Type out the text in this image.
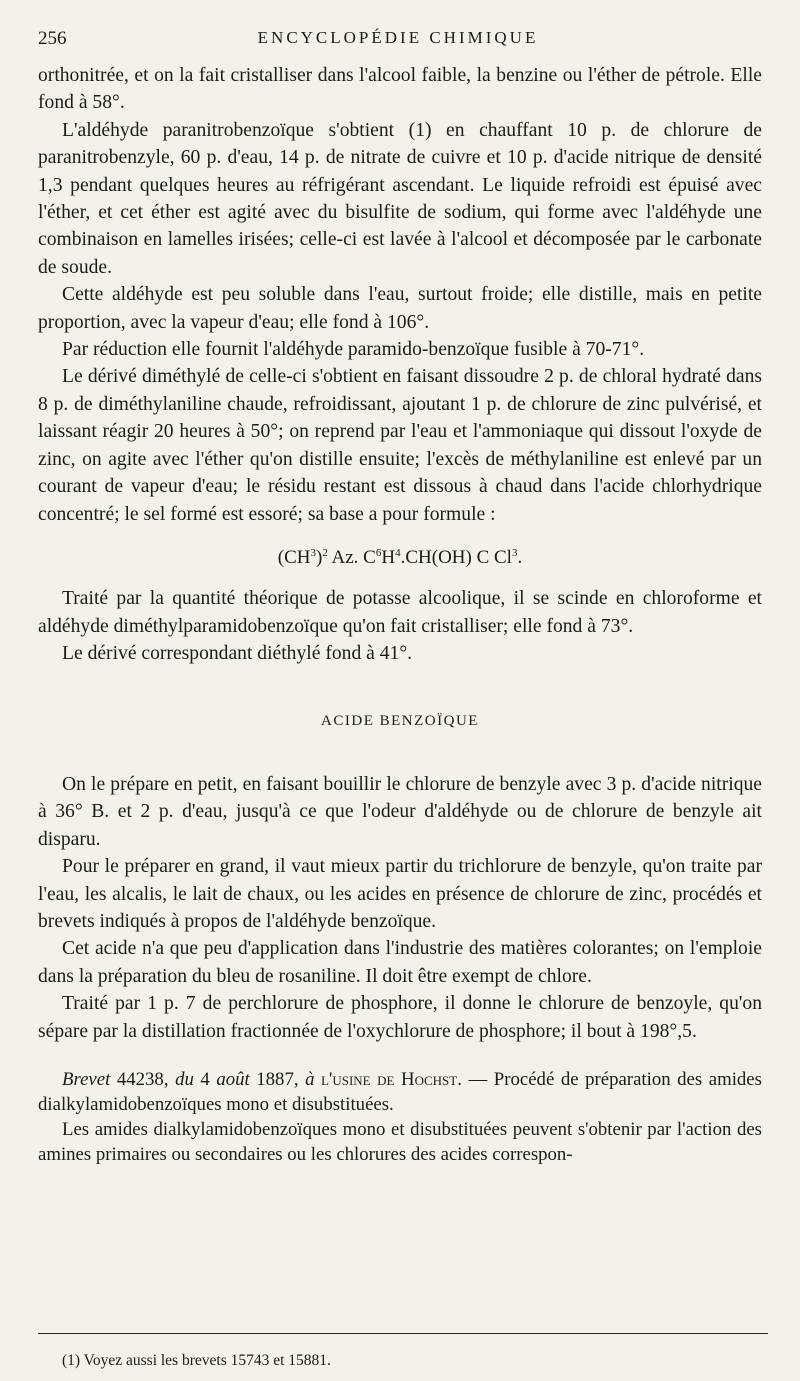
256	ENCYCLOPÉDIE CHIMIQUE

orthonitrée, et on la fait cristalliser dans l'alcool faible, la benzine ou l'éther de pétrole. Elle fond à 58°.

L'aldéhyde paranitrobenzoïque s'obtient (1) en chauffant 10 p. de chlorure de paranitrobenzyle, 60 p. d'eau, 14 p. de nitrate de cuivre et 10 p. d'acide nitrique de densité 1,3 pendant quelques heures au réfrigérant ascendant. Le liquide refroidi est épuisé avec l'éther, et cet éther est agité avec du bisulfite de sodium, qui forme avec l'aldéhyde une combinaison en lamelles irisées; celle-ci est lavée à l'alcool et décomposée par le carbonate de soude.

Cette aldéhyde est peu soluble dans l'eau, surtout froide; elle distille, mais en petite proportion, avec la vapeur d'eau; elle fond à 106°.

Par réduction elle fournit l'aldéhyde paramido-benzoïque fusible à 70-71°.

Le dérivé diméthylé de celle-ci s'obtient en faisant dissoudre 2 p. de chloral hydraté dans 8 p. de diméthylaniline chaude, refroidissant, ajoutant 1 p. de chlorure de zinc pulvérisé, et laissant réagir 20 heures à 50°; on reprend par l'eau et l'ammoniaque qui dissout l'oxyde de zinc, on agite avec l'éther qu'on distille ensuite; l'excès de méthylaniline est enlevé par un courant de vapeur d'eau; le résidu restant est dissous à chaud dans l'acide chlorhydrique concentré; le sel formé est essoré; sa base a pour formule :

$(CH^3)^2$ Az. $C^6H^4.CH(OH)$ C Cl$^3$.

Traité par la quantité théorique de potasse alcoolique, il se scinde en chloroforme et aldéhyde diméthylparamidobenzoïque qu'on fait cristalliser; elle fond à 73°.

Le dérivé correspondant diéthylé fond à 41°.

ACIDE BENZOÏQUE

On le prépare en petit, en faisant bouillir le chlorure de benzyle avec 3 p. d'acide nitrique à 36° B. et 2 p. d'eau, jusqu'à ce que l'odeur d'aldéhyde ou de chlorure de benzyle ait disparu.

Pour le préparer en grand, il vaut mieux partir du trichlorure de benzyle, qu'on traite par l'eau, les alcalis, le lait de chaux, ou les acides en présence de chlorure de zinc, procédés et brevets indiqués à propos de l'aldéhyde benzoïque.

Cet acide n'a que peu d'application dans l'industrie des matières colorantes; on l'emploie dans la préparation du bleu de rosaniline. Il doit être exempt de chlore.

Traité par 1 p. 7 de perchlorure de phosphore, il donne le chlorure de benzoyle, qu'on sépare par la distillation fractionnée de l'oxychlorure de phosphore; il bout à 198°,5.

Brevet 44238, du 4 août 1887, à l'usine de Hochst. — Procédé de préparation des amides dialkylamidobenzoïques mono et disubstituées.

Les amides dialkylamidobenzoïques mono et disubstituées peuvent s'obtenir par l'action des amines primaires ou secondaires ou les chlorures des acides correspon-

(1) Voyez aussi les brevets 15743 et 15881.
